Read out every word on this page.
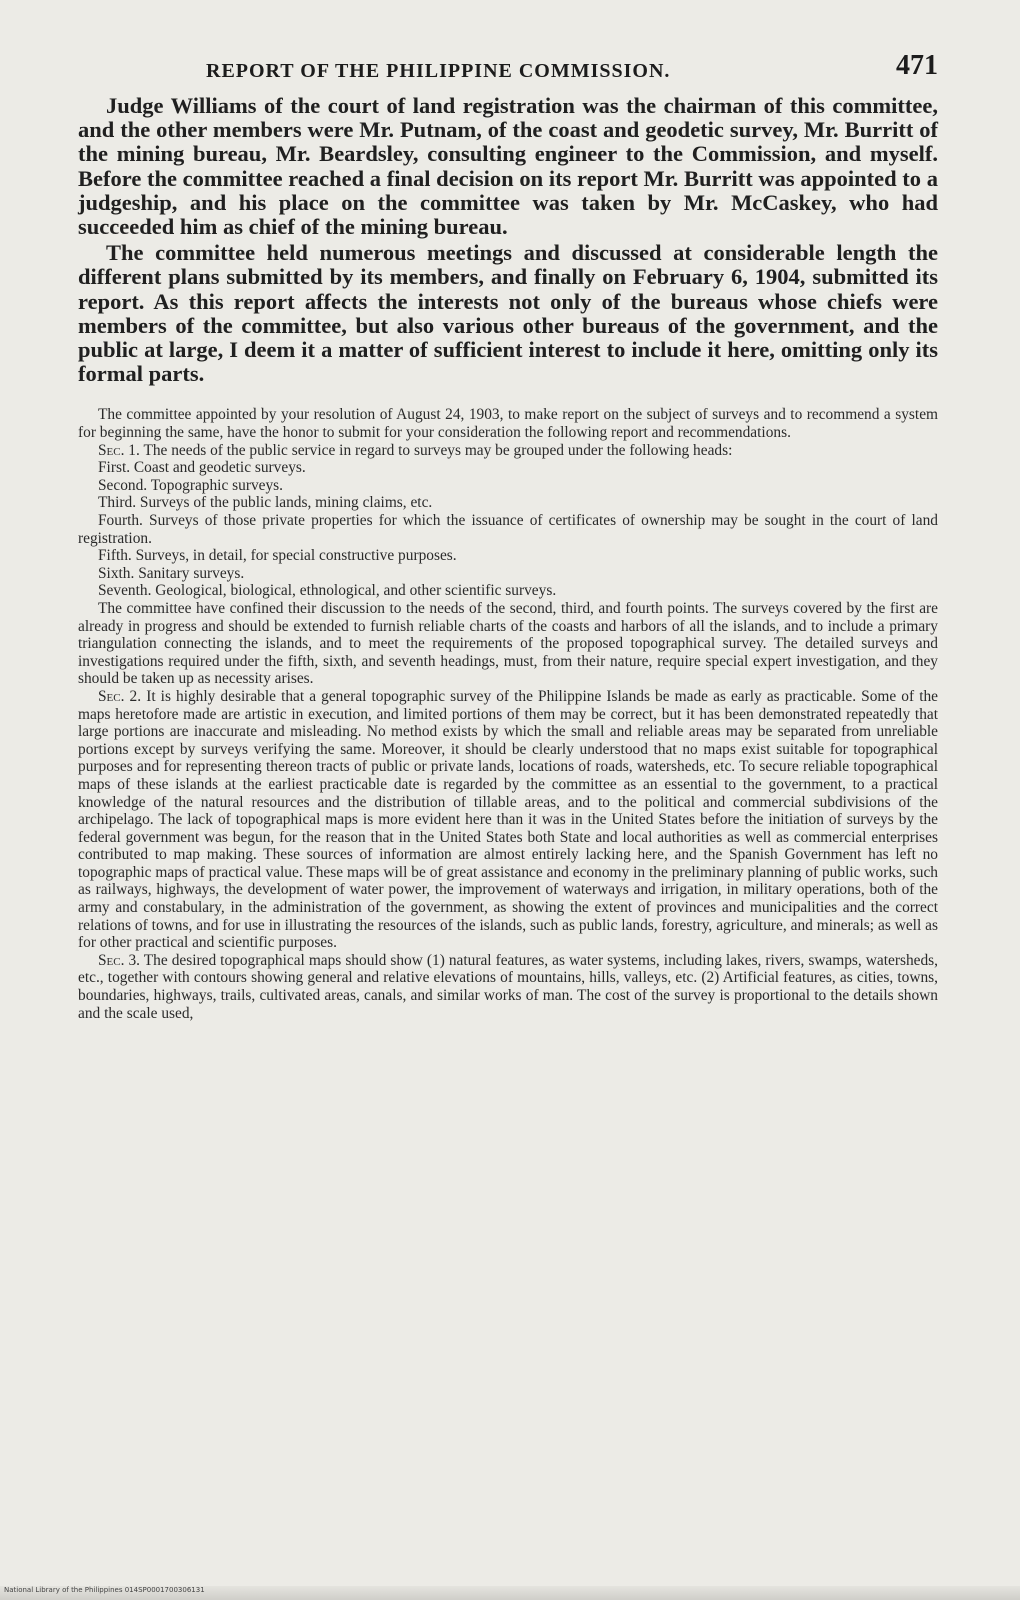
REPORT OF THE PHILIPPINE COMMISSION.	471

Judge Williams of the court of land registration was the chairman of this committee, and the other members were Mr. Putnam, of the coast and geodetic survey, Mr. Burritt of the mining bureau, Mr. Beardsley, consulting engineer to the Commission, and myself. Before the committee reached a final decision on its report Mr. Burritt was appointed to a judgeship, and his place on the committee was taken by Mr. McCaskey, who had succeeded him as chief of the mining bureau.

The committee held numerous meetings and discussed at considerable length the different plans submitted by its members, and finally on February 6, 1904, submitted its report. As this report affects the interests not only of the bureaus whose chiefs were members of the committee, but also various other bureaus of the government, and the public at large, I deem it a matter of sufficient interest to include it here, omitting only its formal parts.

The committee appointed by your resolution of August 24, 1903, to make report on the subject of surveys and to recommend a system for beginning the same, have the honor to submit for your consideration the following report and recommendations.

Sec. 1. The needs of the public service in regard to surveys may be grouped under the following heads:

First. Coast and geodetic surveys.

Second. Topographic surveys.

Third. Surveys of the public lands, mining claims, etc.

Fourth. Surveys of those private properties for which the issuance of certificates of ownership may be sought in the court of land registration.

Fifth. Surveys, in detail, for special constructive purposes.

Sixth. Sanitary surveys.

Seventh. Geological, biological, ethnological, and other scientific surveys.

The committee have confined their discussion to the needs of the second, third, and fourth points. The surveys covered by the first are already in progress and should be extended to furnish reliable charts of the coasts and harbors of all the islands, and to include a primary triangulation connecting the islands, and to meet the requirements of the proposed topographical survey. The detailed surveys and investigations required under the fifth, sixth, and seventh headings, must, from their nature, require special expert investigation, and they should be taken up as necessity arises.

Sec. 2. It is highly desirable that a general topographic survey of the Philippine Islands be made as early as practicable. Some of the maps heretofore made are artistic in execution, and limited portions of them may be correct, but it has been demonstrated repeatedly that large portions are inaccurate and misleading. No method exists by which the small and reliable areas may be separated from unreliable portions except by surveys verifying the same. Moreover, it should be clearly understood that no maps exist suitable for topographical purposes and for representing thereon tracts of public or private lands, locations of roads, watersheds, etc. To secure reliable topographical maps of these islands at the earliest practicable date is regarded by the committee as an essential to the government, to a practical knowledge of the natural resources and the distribution of tillable areas, and to the political and commercial subdivisions of the archipelago. The lack of topographical maps is more evident here than it was in the United States before the initiation of surveys by the federal government was begun, for the reason that in the United States both State and local authorities as well as commercial enterprises contributed to map making. These sources of information are almost entirely lacking here, and the Spanish Government has left no topographic maps of practical value. These maps will be of great assistance and economy in the preliminary planning of public works, such as railways, highways, the development of water power, the improvement of waterways and irrigation, in military operations, both of the army and constabulary, in the administration of the government, as showing the extent of provinces and municipalities and the correct relations of towns, and for use in illustrating the resources of the islands, such as public lands, forestry, agriculture, and minerals; as well as for other practical and scientific purposes.

Sec. 3. The desired topographical maps should show (1) natural features, as water systems, including lakes, rivers, swamps, watersheds, etc., together with contours showing general and relative elevations of mountains, hills, valleys, etc. (2) Artificial features, as cities, towns, boundaries, highways, trails, cultivated areas, canals, and similar works of man. The cost of the survey is proportional to the details shown and the scale used,

National Library of the Philippines 014SP0001700306131
